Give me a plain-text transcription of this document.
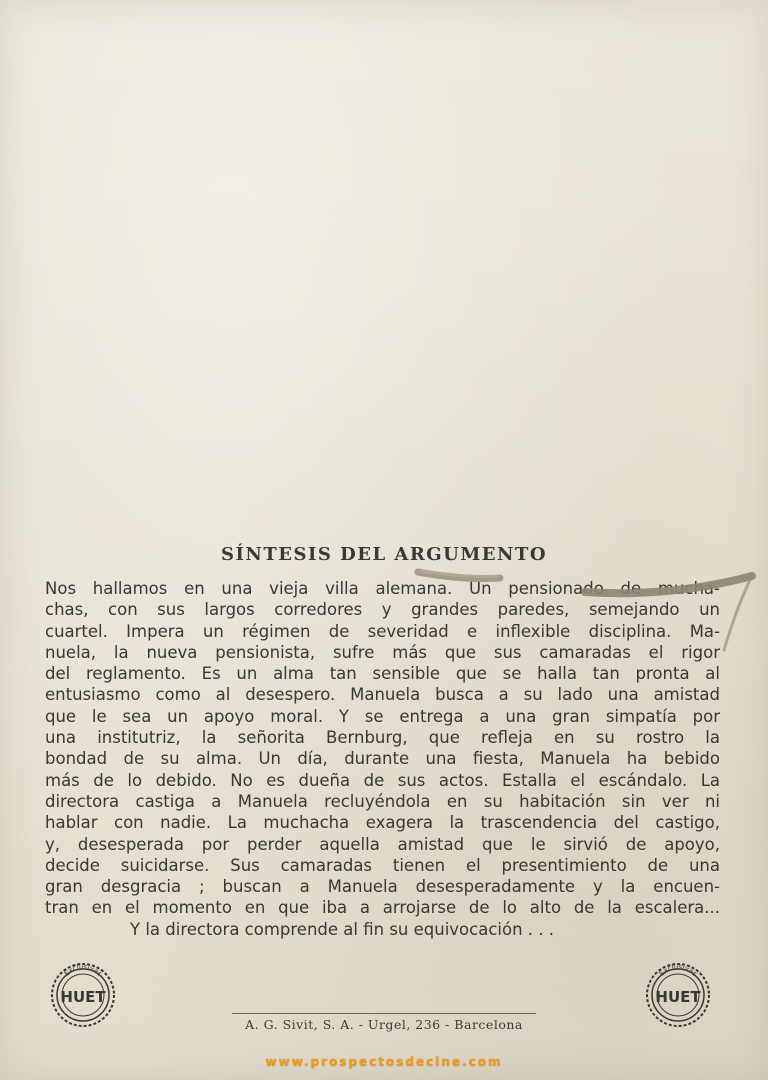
SÍNTESIS DEL ARGUMENTO

Nos hallamos en una vieja villa alemana. Un pensionado de mucha-

chas, con sus largos corredores y grandes paredes, semejando un

cuartel. Impera un régimen de severidad e inflexible disciplina. Ma-

nuela, la nueva pensionista, sufre más que sus camaradas el rigor

del reglamento. Es un alma tan sensible que se halla tan pronta al

entusiasmo como al desespero. Manuela busca a su lado una amistad

que le sea un apoyo moral. Y se entrega a una gran simpatía por

una institutriz, la señorita Bernburg, que refleja en su rostro la

bondad de su alma. Un día, durante una fiesta, Manuela ha bebido

más de lo debido. No es dueña de sus actos. Estalla el escándalo. La

directora castiga a Manuela recluyéndola en su habitación sin ver ni

hablar con nadie. La muchacha exagera la trascendencia del castigo,

y, desesperada por perder aquella amistad que le sirvió de apoyo,

decide suicidarse. Sus camaradas tienen el presentimiento de una

gran desgracia ; buscan a Manuela desesperadamente y la encuen-

tran en el momento en que iba a arrojarse de lo alto de la escalera...

Y la directora comprende al fin su equivocación . . .

Exclusivas
HUET
Exclusivas
HUET
A. G. Sivit, S. A. - Urgel, 236 - Barcelona
www.prospectosdecine.com
